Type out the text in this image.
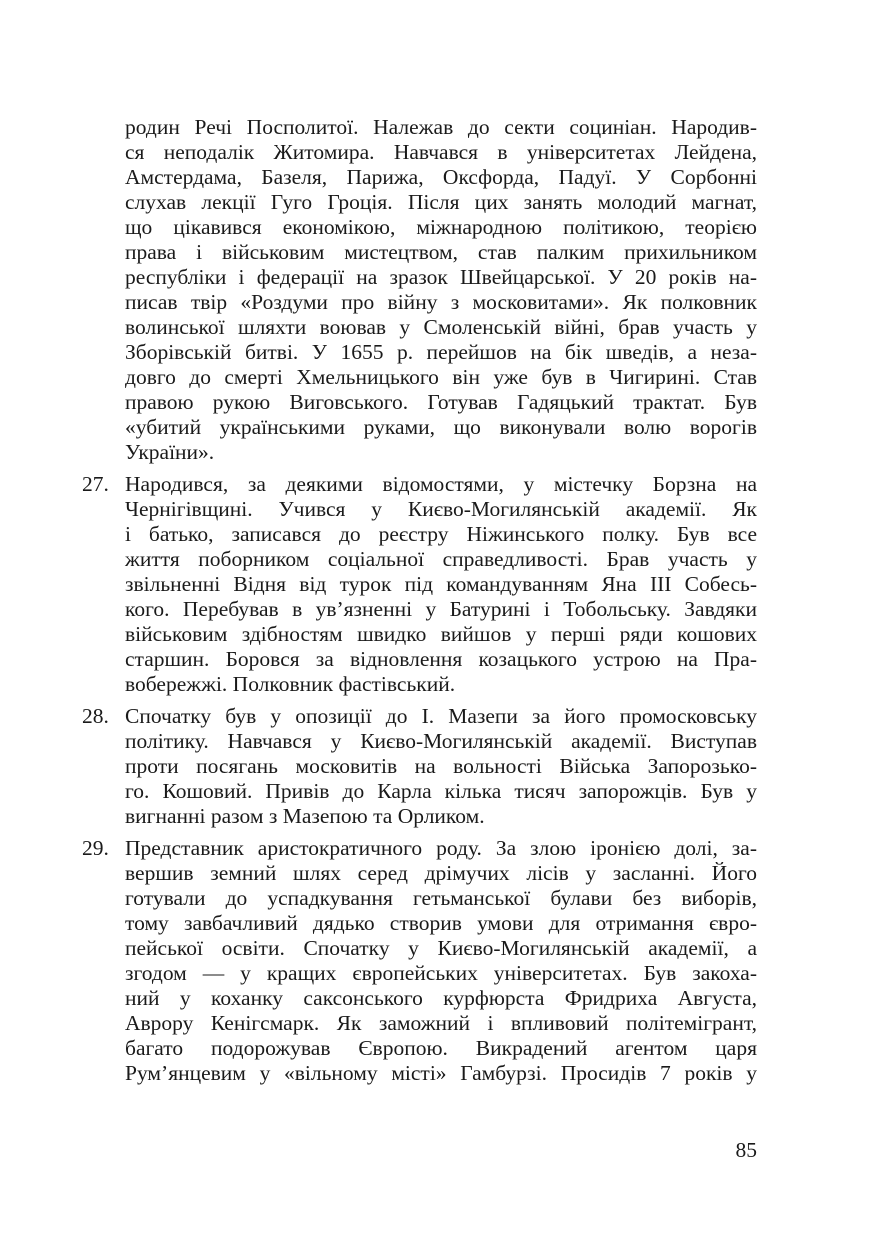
родин Речі Посполитої. Належав до секти социніан. Народив-
ся неподалік Житомира. Навчався в університетах Лейдена,
Амстердама, Базеля, Парижа, Оксфорда, Падуї. У Сорбонні
слухав лекції Гуго Гроція. Після цих занять молодий магнат,
що цікавився економікою, міжнародною політикою, теорією
права і військовим мистецтвом, став палким прихильником
республіки і федерації на зразок Швейцарської. У 20 років на-
писав твір «Роздуми про війну з московитами». Як полковник
волинської шляхти воював у Смоленській війні, брав участь у
Зборівській битві. У 1655 р. перейшов на бік шведів, а неза-
довго до смерті Хмельницького він уже був в Чигирині. Став
правою рукою Виговського. Готував Гадяцький трактат. Був
«убитий українськими руками, що виконували волю ворогів
України».
27. Народився, за деякими відомостями, у містечку Борзна на
Чернігівщині. Учився у Києво-Могилянській академії. Як
і батько, записався до реєстру Ніжинського полку. Був все
життя поборником соціальної справедливості. Брав участь у
звільненні Відня від турок під командуванням Яна III Собесь-
кого. Перебував в ув’язненні у Батурині і Тобольську. Завдяки
військовим здібностям швидко вийшов у перші ряди кошових
старшин. Боровся за відновлення козацького устрою на Пра-
вобережжі. Полковник фастівський.
28. Спочатку був у опозиції до І. Мазепи за його промосковську
політику. Навчався у Києво-Могилянській академії. Виступав
проти посягань московитів на вольності Війська Запорозько-
го. Кошовий. Привів до Карла кілька тисяч запорожців. Був у
вигнанні разом з Мазепою та Орликом.
29. Представник аристократичного роду. За злою іронією долі, за-
вершив земний шлях серед дрімучих лісів у засланні. Його
готували до успадкування гетьманської булави без виборів,
тому завбачливий дядько створив умови для отримання євро-
пейської освіти. Спочатку у Києво-Могилянській академії, а
згодом — у кращих європейських університетах. Був закоха-
ний у коханку саксонського курфюрста Фридриха Августа,
Аврору Кенігсмарк. Як заможний і впливовий політемігрант,
багато подорожував Європою. Викрадений агентом царя
Рум’янцевим у «вільному місті» Гамбурзі. Просидів 7 років у
85
